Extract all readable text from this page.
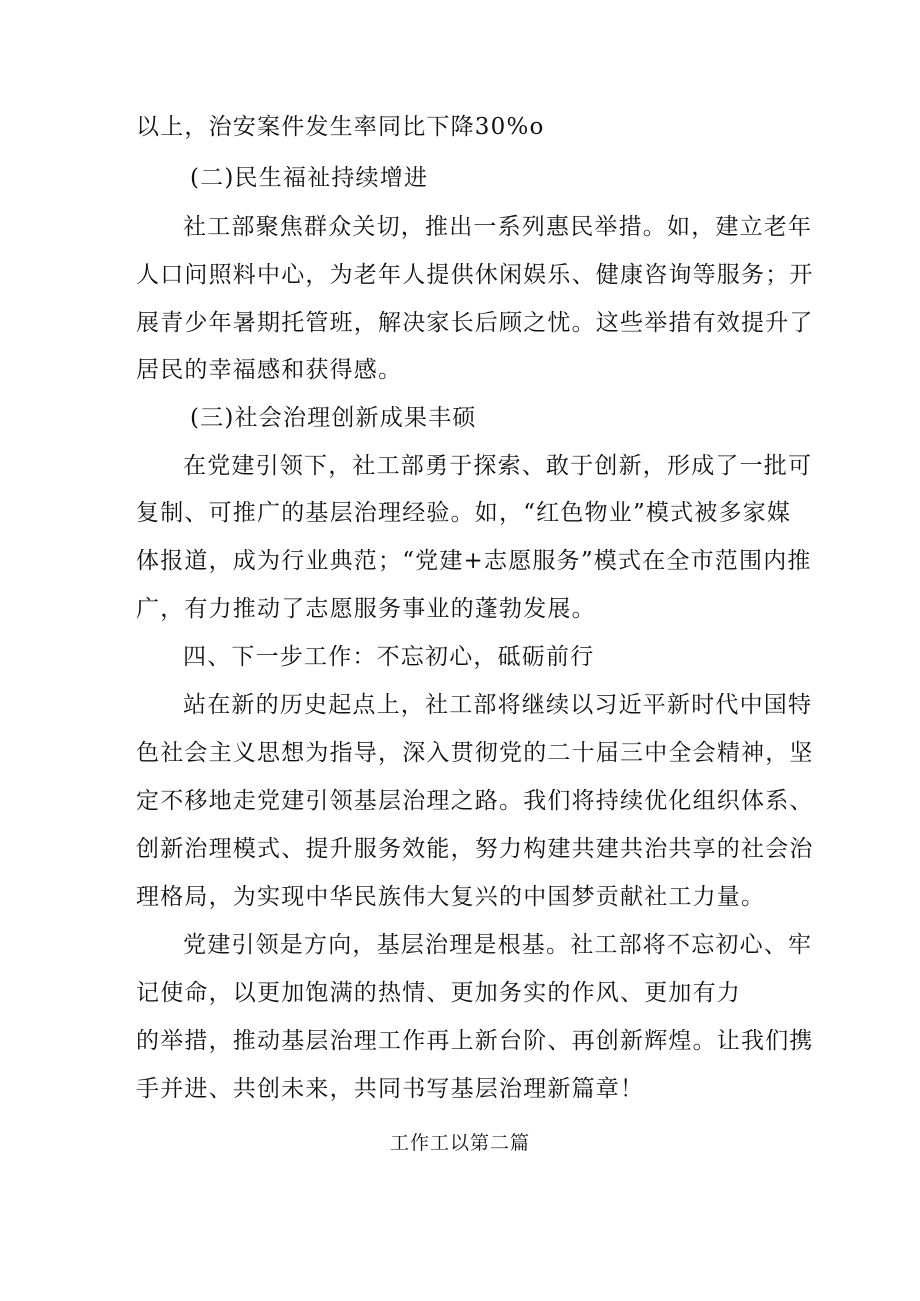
以上，治安案件发生率同比下降30%o
(二)民生福祉持续增进
社工部聚焦群众关切，推出一系列惠民举措。如，建立老年
人口问照料中心，为老年人提供休闲娱乐、健康咨询等服务；开
展青少年暑期托管班，解决家长后顾之忧。这些举措有效提升了
居民的幸福感和获得感。
(三)社会治理创新成果丰硕
在党建引领下，社工部勇于探索、敢于创新，形成了一批可
复制、可推广的基层治理经验。如，“红色物业”模式被多家媒
体报道，成为行业典范；“党建+志愿服务”模式在全市范围内推
广，有力推动了志愿服务事业的蓬勃发展。
四、下一步工作：不忘初心，砥砺前行
站在新的历史起点上，社工部将继续以习近平新时代中国特
色社会主义思想为指导，深入贯彻党的二十届三中全会精神，坚
定不移地走党建引领基层治理之路。我们将持续优化组织体系、
创新治理模式、提升服务效能，努力构建共建共治共享的社会治
理格局，为实现中华民族伟大复兴的中国梦贡献社工力量。
党建引领是方向，基层治理是根基。社工部将不忘初心、牢
记使命，以更加饱满的热情、更加务实的作风、更加有力
的举措，推动基层治理工作再上新台阶、再创新辉煌。让我们携
手并进、共创未来，共同书写基层治理新篇章！
工作工以第二篇
